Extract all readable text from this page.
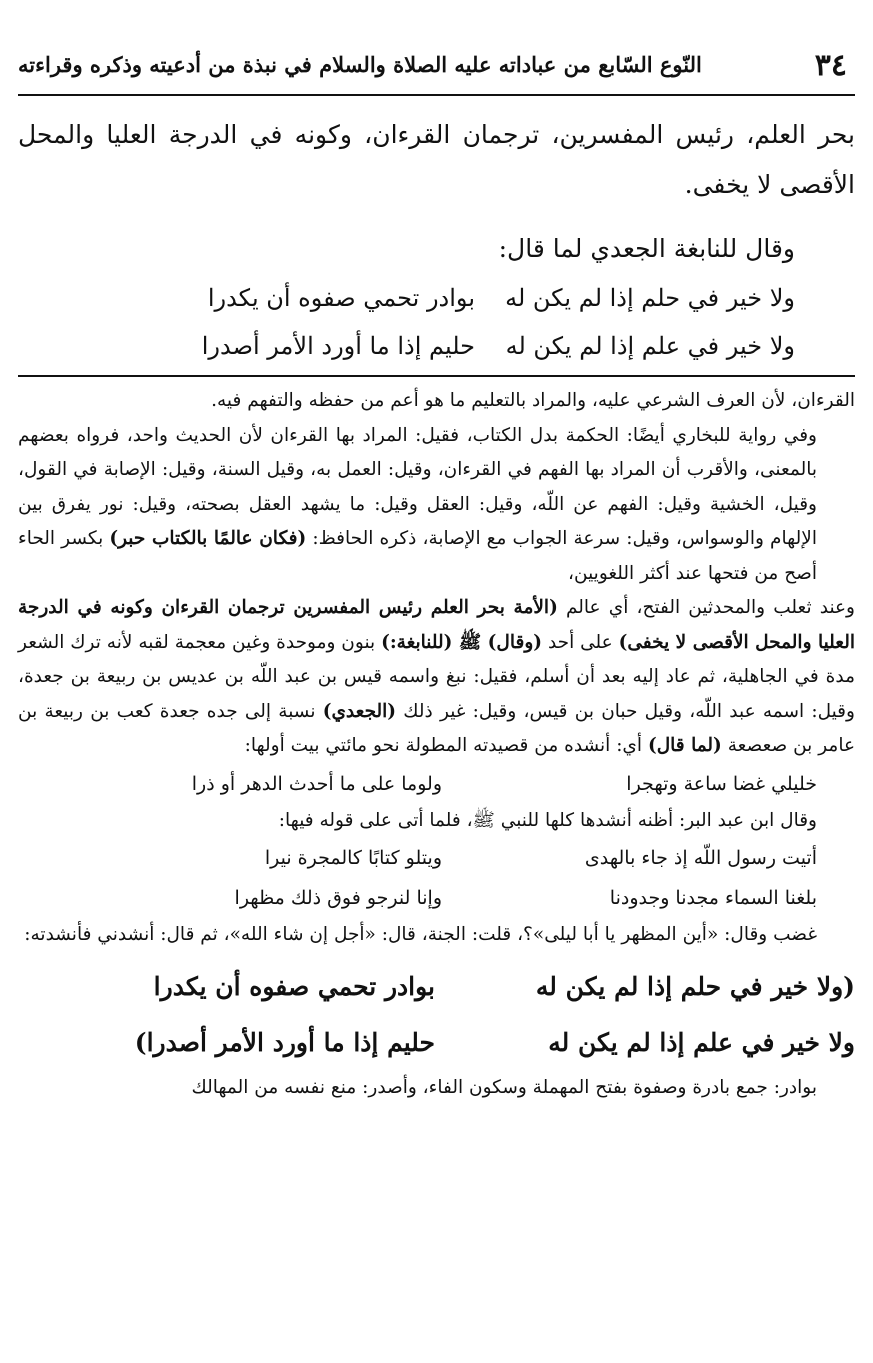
٣٤
النّوع السّابع من عباداته عليه الصلاة والسلام في نبذة من أدعيته وذكره وقراءته

بحر العلم، رئيس المفسرين، ترجمان القرءان، وكونه في الدرجة العليا والمحل الأقصى لا يخفى.

وقال للنابغة الجعدي لما قال:

ولا خير في حلم إذا لم يكن له
بوادر تحمي صفوه أن يكدرا
ولا خير في علم إذا لم يكن له
حليم إذا ما أورد الأمر أصدرا

القرءان، لأن العرف الشرعي عليه، والمراد بالتعليم ما هو أعم من حفظه والتفهم فيه.

وفي رواية للبخاري أيضًا: الحكمة بدل الكتاب، فقيل: المراد بها القرءان لأن الحديث واحد، فرواه بعضهم بالمعنى، والأقرب أن المراد بها الفهم في القرءان، وقيل: العمل به، وقيل السنة، وقيل: الإصابة في القول، وقيل، الخشية وقيل: الفهم عن اللّه، وقيل: العقل وقيل: ما يشهد العقل بصحته، وقيل: نور يفرق بين الإلهام والوسواس، وقيل: سرعة الجواب مع الإصابة، ذكره الحافظ: (فكان عالمًا بالكتاب حبر) بكسر الحاء أصح من فتحها عند أكثر اللغويين،

وعند ثعلب والمحدثين الفتح، أي عالم (الأمة بحر العلم رئيس المفسرين ترجمان القرءان وكونه في الدرجة العليا والمحل الأقصى لا يخفى) على أحد (وقال) ﷺ (للنابغة:) بنون وموحدة وغين معجمة لقبه لأنه ترك الشعر مدة في الجاهلية، ثم عاد إليه بعد أن أسلم، فقيل: نبغ واسمه قيس بن عبد اللّه بن عديس بن ربيعة بن جعدة، وقيل: اسمه عبد اللّه، وقيل حبان بن قيس، وقيل: غير ذلك (الجعدي) نسبة إلى جده جعدة كعب بن ربيعة بن عامر بن صعصعة (لما قال) أي: أنشده من قصيدته المطولة نحو مائتي بيت أولها:

خليلي غضا ساعة وتهجرا
ولوما على ما أحدث الدهر أو ذرا

وقال ابن عبد البر: أظنه أنشدها كلها للنبي ﷺ، فلما أتى على قوله فيها:

أتيت رسول اللّه إذ جاء بالهدى
ويتلو كتابًا كالمجرة نيرا
بلغنا السماء مجدنا وجدودنا
وإنا لنرجو فوق ذلك مظهرا

غضب وقال: «أين المظهر يا أبا ليلى»؟، قلت: الجنة، قال: «أجل إن شاء الله»، ثم قال: أنشدني فأنشدته:

(ولا خير في حلم إذا لم يكن له
بوادر تحمي صفوه أن يكدرا
ولا خير في علم إذا لم يكن له
حليم إذا ما أورد الأمر أصدرا)

بوادر: جمع بادرة وصفوة بفتح المهملة وسكون الفاء، وأصدر: منع نفسه من المهالك
